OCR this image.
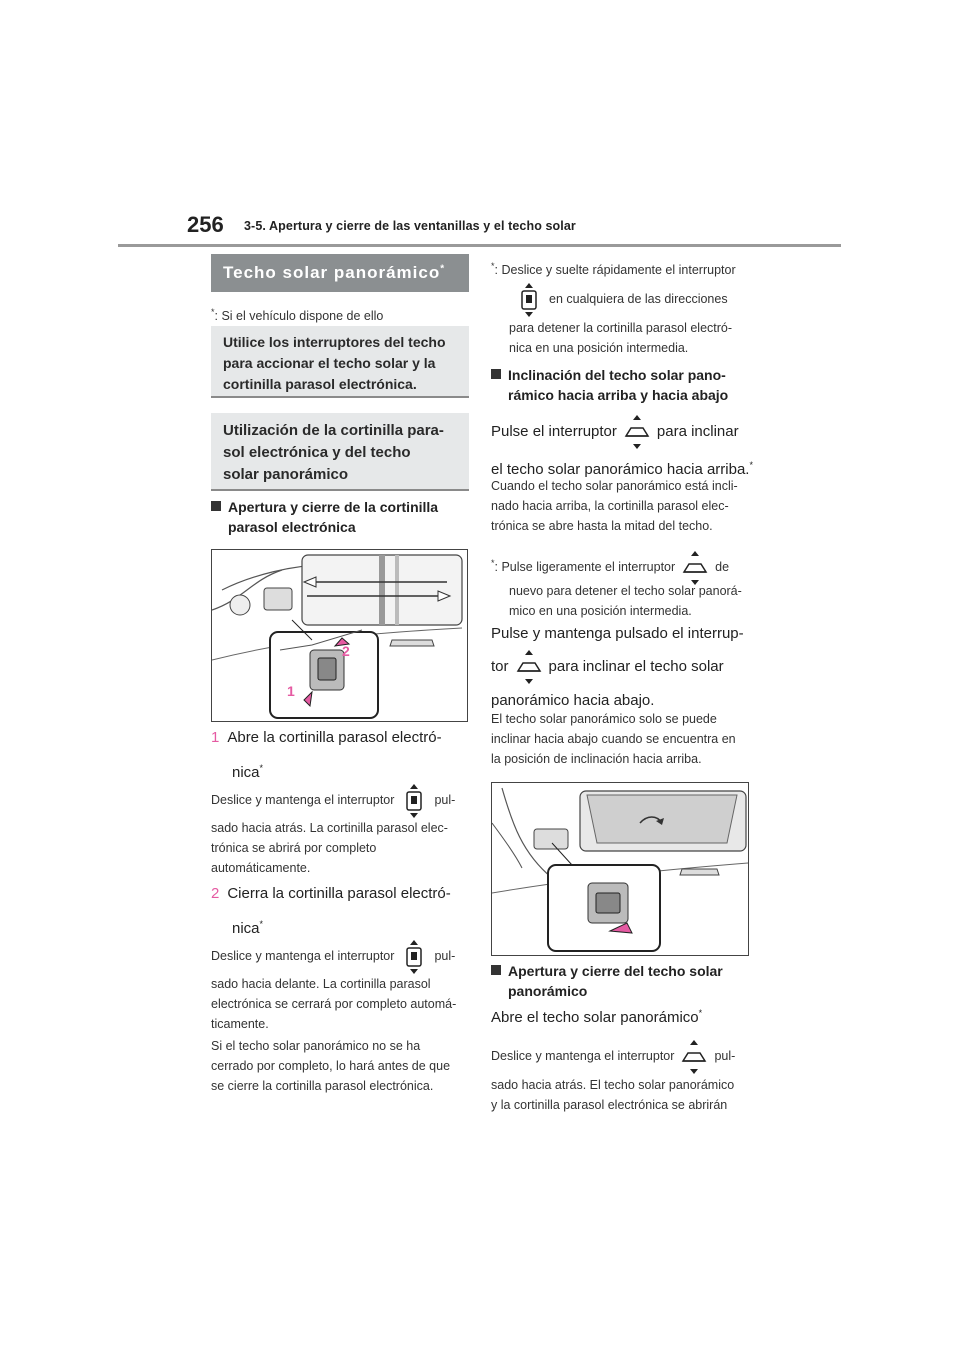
256 3-5. Apertura y cierre de las ventanillas y el techo solar
Techo solar panorámico*
*: Si el vehículo dispone de ello
Utilice los interruptores del techo
para accionar el techo solar y la
cortinilla parasol electrónica.
Utilización de la cortinilla para-
sol electrónica y del techo
solar panorámico
Apertura y cierre de la cortinilla
parasol electrónica
2
1
1 Abre la cortinilla parasol electró-
nica*
Deslice y mantenga el interruptor	pul-
sado hacia atrás. La cortinilla parasol elec-
trónica se abrirá por completo
automáticamente.
2 Cierra la cortinilla parasol electró-
nica*
Deslice y mantenga el interruptor	pul-
sado hacia delante. La cortinilla parasol
electrónica se cerrará por completo automá-
ticamente.
Si el techo solar panorámico no se ha
cerrado por completo, lo hará antes de que
se cierre la cortinilla parasol electrónica.
*: Deslice y suelte rápidamente el interruptor
en cualquiera de las direcciones
para detener la cortinilla parasol electró-
nica en una posición intermedia.
Inclinación del techo solar pano-
rámico hacia arriba y hacia abajo
Pulse el interruptor	para inclinar
el techo solar panorámico hacia arriba.*
Cuando el techo solar panorámico está incli-
nado hacia arriba, la cortinilla parasol elec-
trónica se abre hasta la mitad del techo.
*: Pulse ligeramente el interruptor	de
nuevo para detener el techo solar panorá-
mico en una posición intermedia.
Pulse y mantenga pulsado el interrup-
tor	para inclinar el techo solar
panorámico hacia abajo.
El techo solar panorámico solo se puede
inclinar hacia abajo cuando se encuentra en
la posición de inclinación hacia arriba.
Apertura y cierre del techo solar
panorámico
Abre el techo solar panorámico*
Deslice y mantenga el interruptor	pul-
sado hacia atrás. El techo solar panorámico
y la cortinilla parasol electrónica se abrirán
